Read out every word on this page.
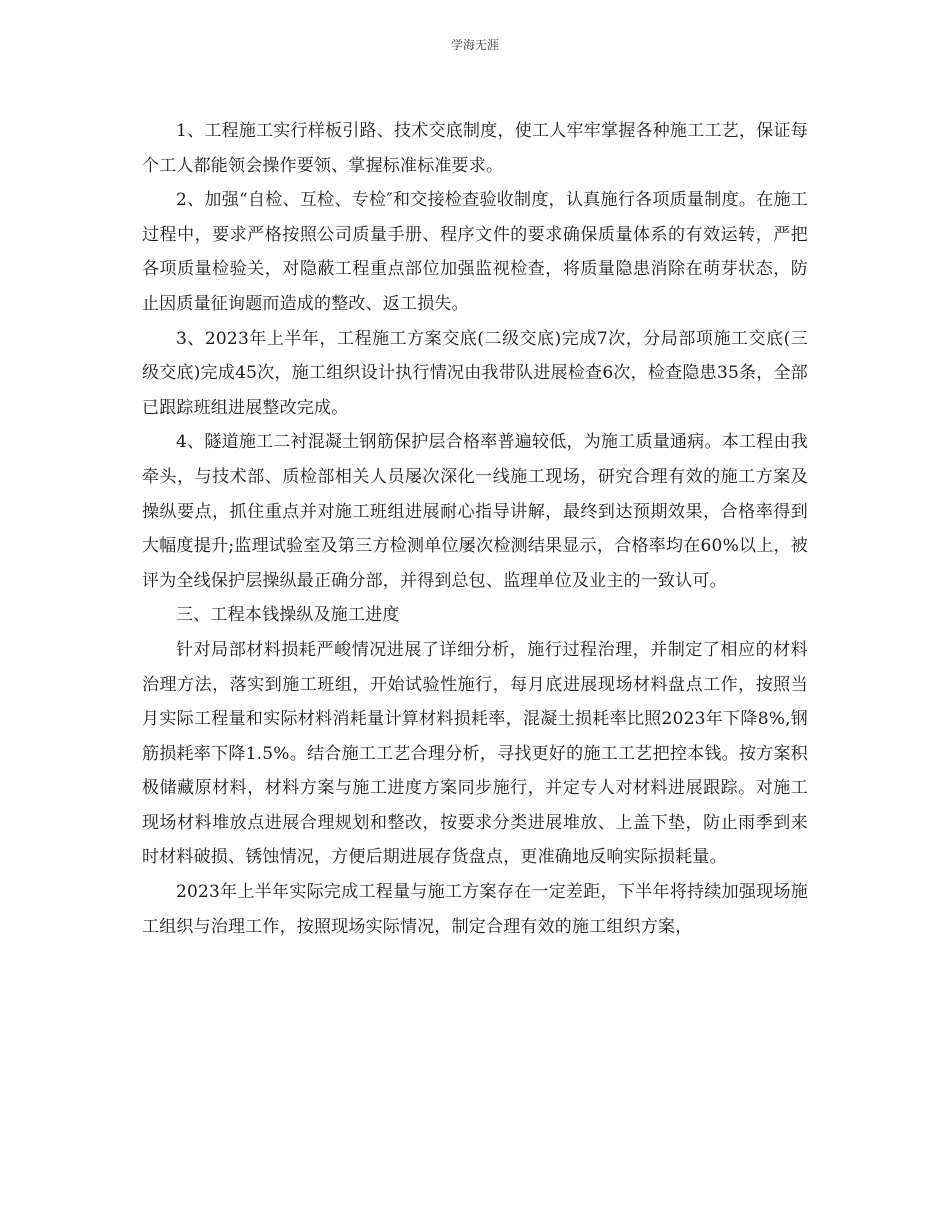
学海无涯

1、工程施工实行样板引路、技术交底制度，使工人牢牢掌握各种施工工艺，保证每个工人都能领会操作要领、掌握标准标准要求。

2、加强“自检、互检、专检″和交接检查验收制度，认真施行各项质量制度。在施工过程中，要求严格按照公司质量手册、程序文件的要求确保质量体系的有效运转，严把各项质量检验关，对隐蔽工程重点部位加强监视检查，将质量隐患消除在萌芽状态，防止因质量征询题而造成的整改、返工损失。

3、2023年上半年，工程施工方案交底(二级交底)完成7次，分局部项施工交底(三级交底)完成45次，施工组织设计执行情况由我带队进展检查6次，检查隐患35条，全部已跟踪班组进展整改完成。

4、隧道施工二衬混凝土钢筋保护层合格率普遍较低，为施工质量通病。本工程由我牵头，与技术部、质检部相关人员屡次深化一线施工现场，研究合理有效的施工方案及操纵要点，抓住重点并对施工班组进展耐心指导讲解，最终到达预期效果，合格率得到大幅度提升;监理试验室及第三方检测单位屡次检测结果显示，合格率均在60%以上，被评为全线保护层操纵最正确分部，并得到总包、监理单位及业主的一致认可。

三、工程本钱操纵及施工进度

针对局部材料损耗严峻情况进展了详细分析，施行过程治理，并制定了相应的材料治理方法，落实到施工班组，开始试验性施行，每月底进展现场材料盘点工作，按照当月实际工程量和实际材料消耗量计算材料损耗率，混凝土损耗率比照2023年下降8%,钢筋损耗率下降1.5%。结合施工工艺合理分析，寻找更好的施工工艺把控本钱。按方案积极储藏原材料，材料方案与施工进度方案同步施行，并定专人对材料进展跟踪。对施工现场材料堆放点进展合理规划和整改，按要求分类进展堆放、上盖下垫，防止雨季到来时材料破损、锈蚀情况，方便后期进展存货盘点，更准确地反响实际损耗量。

2023年上半年实际完成工程量与施工方案存在一定差距，下半年将持续加强现场施工组织与治理工作，按照现场实际情况，制定合理有效的施工组织方案，
